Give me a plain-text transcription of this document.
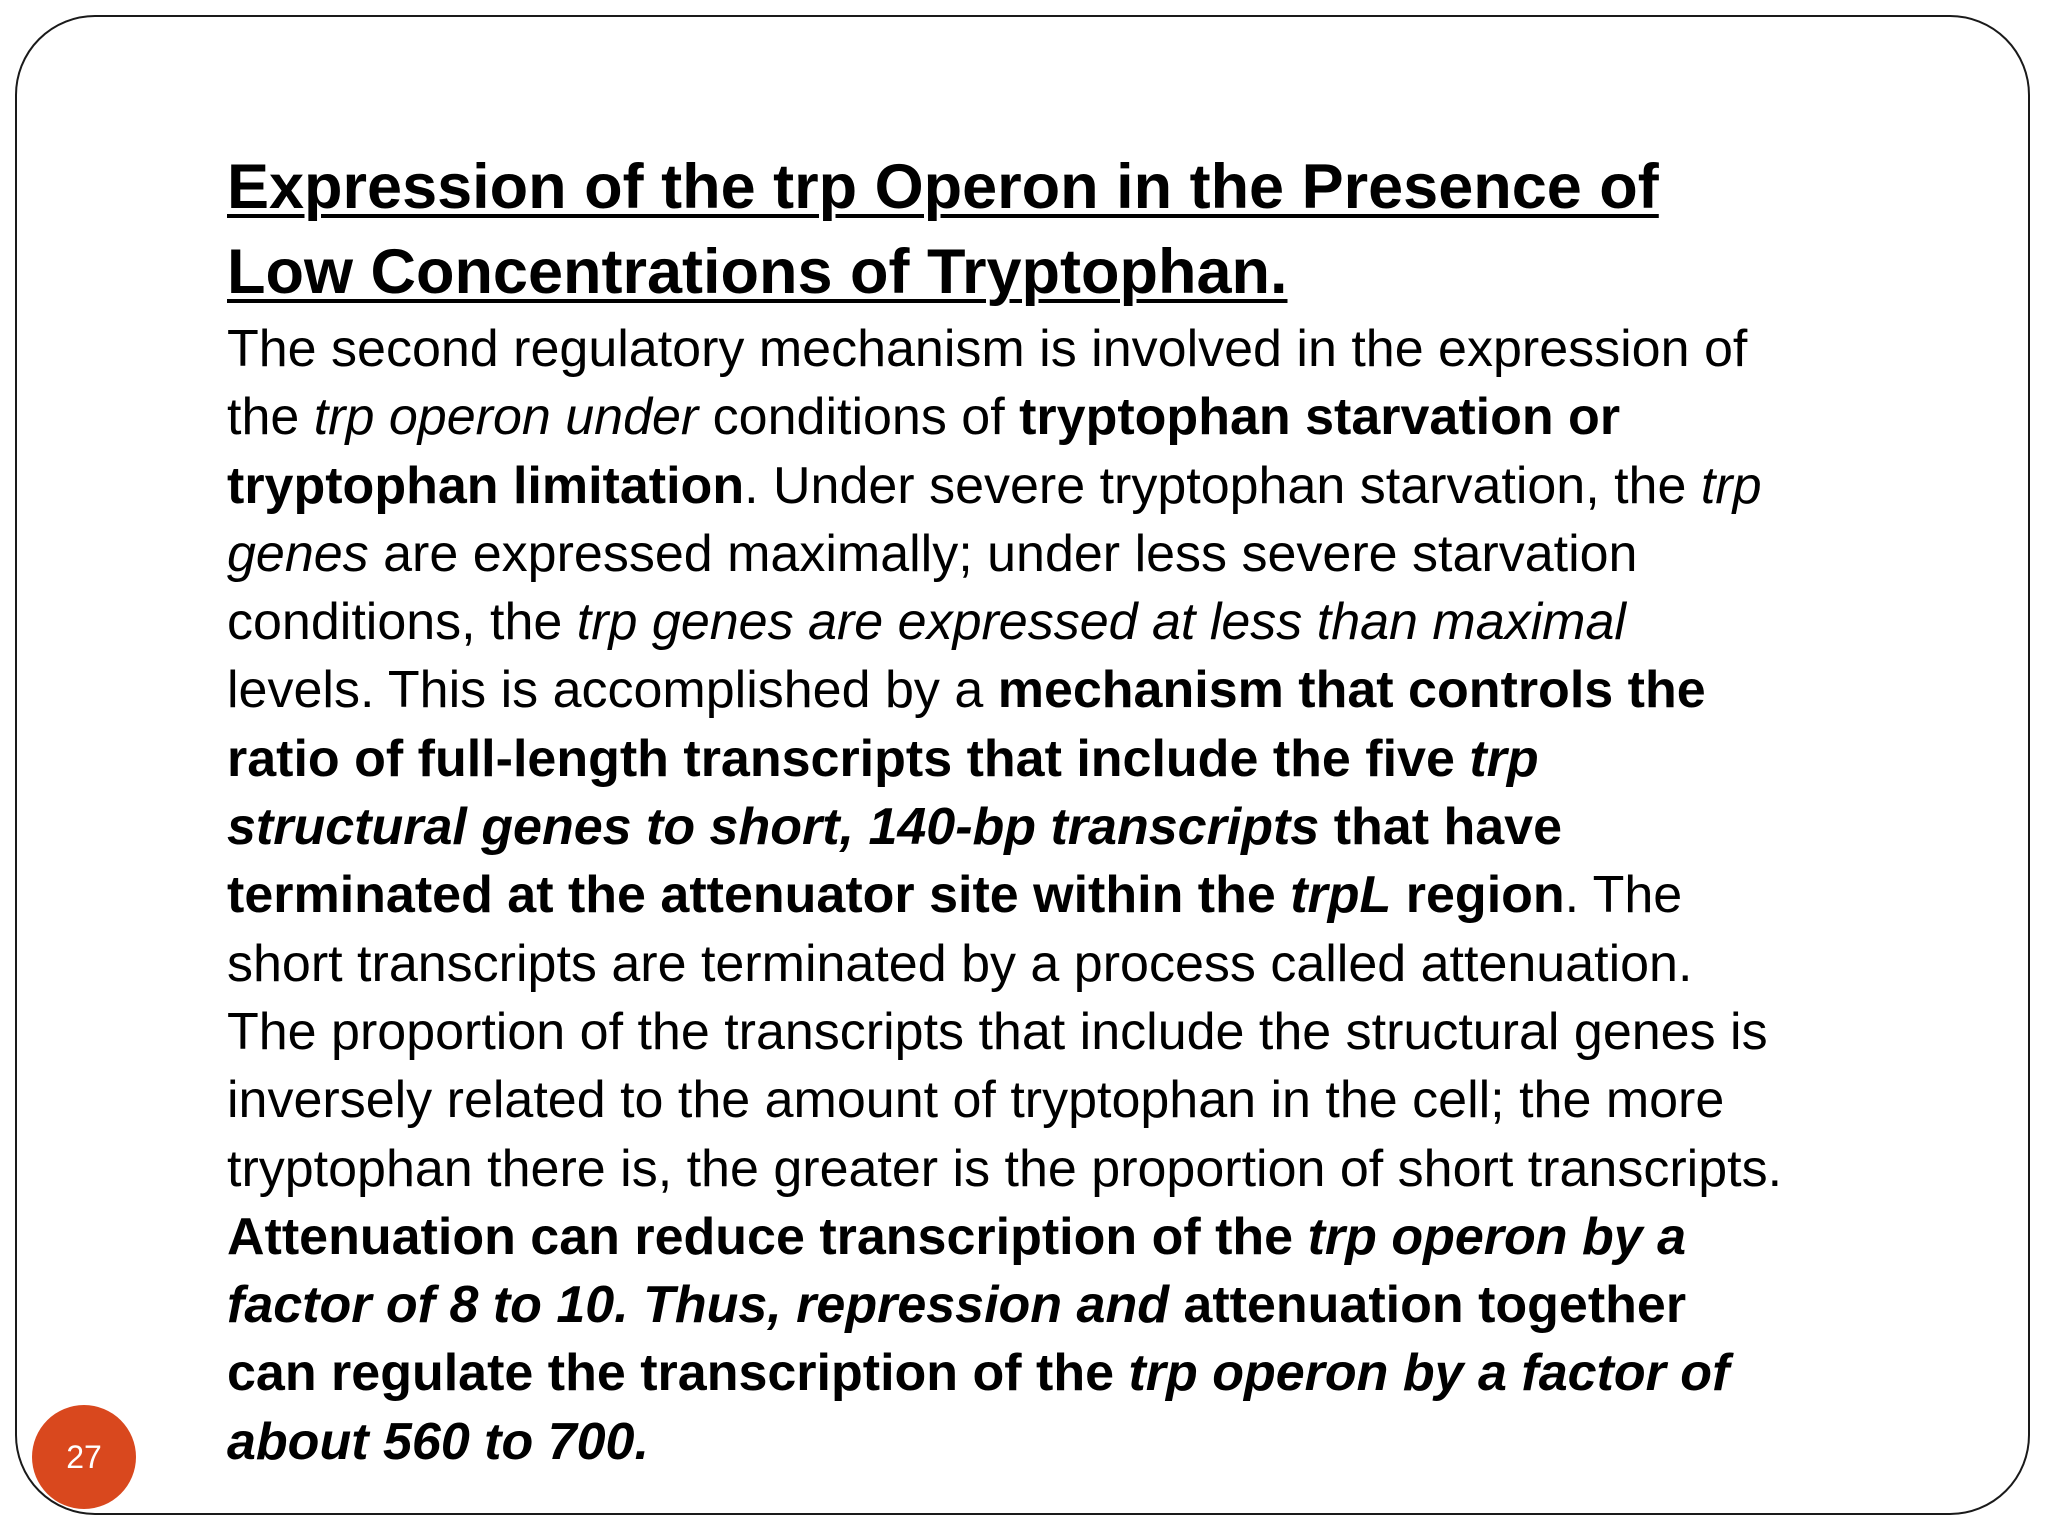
Expression of the trp Operon in the Presence of
Low Concentrations of Tryptophan.
The second regulatory mechanism is involved in the expression of
the trp operon under conditions of tryptophan starvation or
tryptophan limitation. Under severe tryptophan starvation, the trp
genes are expressed maximally; under less severe starvation
conditions, the trp genes are expressed at less than maximal
levels. This is accomplished by a mechanism that controls the
ratio of full-length transcripts that include the five trp
structural genes to short, 140-bp transcripts that have
terminated at the attenuator site within the trpL region. The
short transcripts are terminated by a process called attenuation.
The proportion of the transcripts that include the structural genes is
inversely related to the amount of tryptophan in the cell; the more
tryptophan there is, the greater is the proportion of short transcripts.
Attenuation can reduce transcription of the trp operon by a
factor of 8 to 10. Thus, repression and attenuation together
can regulate the transcription of the trp operon by a factor of
about 560 to 700.
27
